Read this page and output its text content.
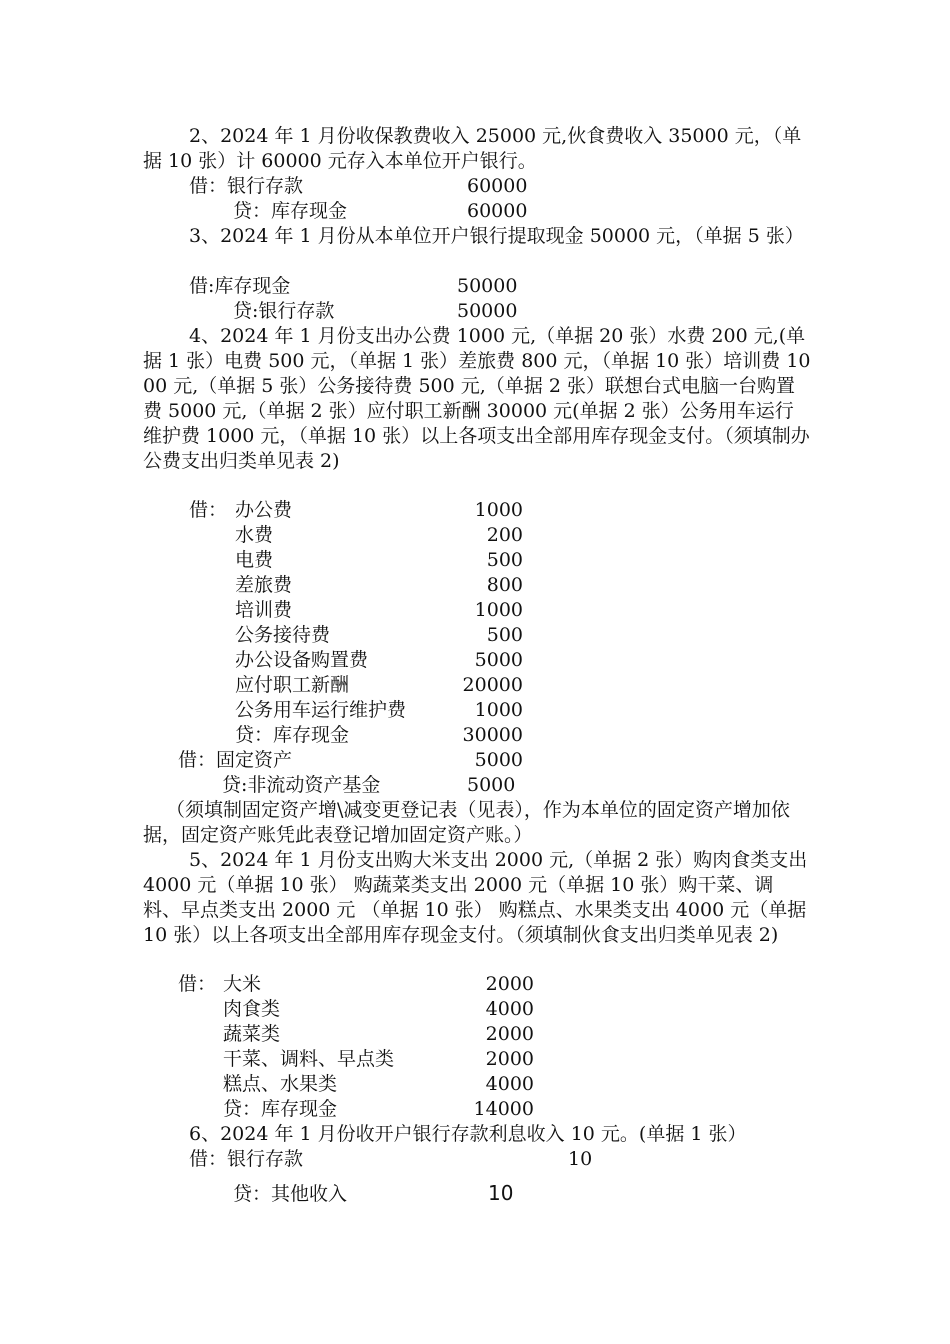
2、2024 年 1 月份收保教费收入 25000 元,伙食费收入 35000 元，（单据 10 张）计 60000 元存入本单位开户银行。

借：银行存款	60000
贷：库存现金	60000

3、2024 年 1 月份从本单位开户银行提取现金 50000 元，（单据 5 张）

借:库存现金	50000
贷:银行存款	50000

4、2024 年 1 月份支出办公费 1000 元,（单据 20 张）水费 200 元,(单据 1 张）电费 500 元，（单据 1 张）差旅费 800 元，（单据 10 张）培训费 1000 元,（单据 5 张）公务接待费 500 元,（单据 2 张）联想台式电脑一台购置费 5000 元,（单据 2 张）应付职工新酬 30000 元(单据 2 张）公务用车运行维护费 1000 元，（单据 10 张）以上各项支出全部用库存现金支付。（须填制办公费支出归类单见表 2)

借： 办公费	1000
水费	200
电费	500
差旅费	800
培训费	1000
公务接待费	500
办公设备购置费	5000
应付职工新酬	20000
公务用车运行维护费	1000
贷：库存现金	30000
借：固定资产	5000
贷:非流动资产基金	5000

（须填制固定资产增\减变更登记表（见表），作为本单位的固定资产增加依据，固定资产账凭此表登记增加固定资产账。）

5、2024 年 1 月份支出购大米支出 2000 元,（单据 2 张）购肉食类支出 4000 元（单据 10 张） 购蔬菜类支出 2000 元（单据 10 张）购干菜、调料、早点类支出 2000 元 （单据 10 张） 购糕点、水果类支出 4000 元（单据 10 张）以上各项支出全部用库存现金支付。（须填制伙食支出归类单见表 2)

借： 大米	2000
肉食类	4000
蔬菜类	2000
干菜、调料、早点类	2000
糕点、水果类	4000
贷：库存现金	14000

6、2024 年 1 月份收开户银行存款利息收入 10 元。(单据 1 张）

借：银行存款	10
贷：其他收入	10
